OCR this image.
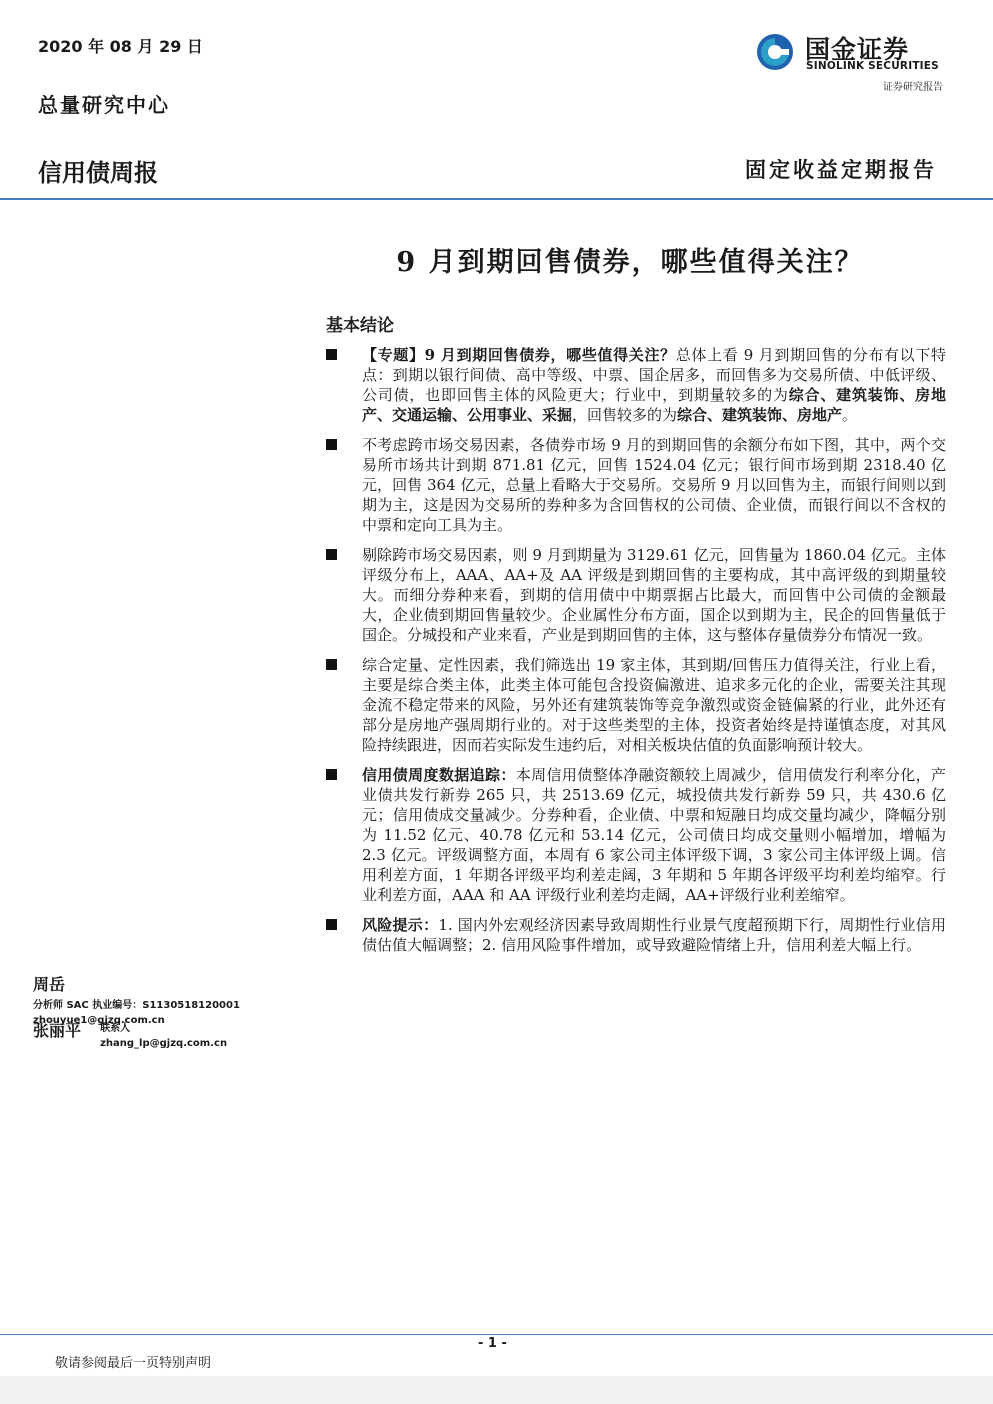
2020 年 08 月 29 日
总量研究中心
信用债周报	固定收益定期报告
国金证券
SINOLINK SECURITIES
证券研究报告
9 月到期回售债券，哪些值得关注？
基本结论
【专题】9 月到期回售债券，哪些值得关注？总体上看 9 月到期回售的分布有以下特点：到期以银行间债、高中等级、中票、国企居多，而回售多为交易所债、中低评级、公司债，也即回售主体的风险更大；行业中，到期量较多的为综合、建筑装饰、房地产、交通运输、公用事业、采掘，回售较多的为综合、建筑装饰、房地产。
不考虑跨市场交易因素，各债券市场 9 月的到期回售的余额分布如下图，其中，两个交易所市场共计到期 871.81 亿元，回售 1524.04 亿元；银行间市场到期 2318.40 亿元，回售 364 亿元，总量上看略大于交易所。交易所 9 月以回售为主，而银行间则以到期为主，这是因为交易所的券种多为含回售权的公司债、企业债，而银行间以不含权的中票和定向工具为主。
剔除跨市场交易因素，则 9 月到期量为 3129.61 亿元，回售量为 1860.04 亿元。主体评级分布上，AAA、AA+及 AA 评级是到期回售的主要构成，其中高评级的到期量较大。而细分券种来看，到期的信用债中中期票据占比最大，而回售中公司债的金额最大，企业债到期回售量较少。企业属性分布方面，国企以到期为主，民企的回售量低于国企。分城投和产业来看，产业是到期回售的主体，这与整体存量债券分布情况一致。
综合定量、定性因素，我们筛选出 19 家主体，其到期/回售压力值得关注，行业上看，主要是综合类主体，此类主体可能包含投资偏激进、追求多元化的企业，需要关注其现金流不稳定带来的风险，另外还有建筑装饰等竞争激烈或资金链偏紧的行业，此外还有部分是房地产强周期行业的。对于这些类型的主体，投资者始终是持谨慎态度，对其风险持续跟进，因而若实际发生违约后，对相关板块估值的负面影响预计较大。
信用债周度数据追踪：本周信用债整体净融资额较上周减少，信用债发行利率分化，产业债共发行新券 265 只，共 2513.69 亿元，城投债共发行新券 59 只，共 430.6 亿元；信用债成交量减少。分券种看，企业债、中票和短融日均成交量均减少，降幅分别为 11.52 亿元、40.78 亿元和 53.14 亿元，公司债日均成交量则小幅增加，增幅为 2.3 亿元。评级调整方面，本周有 6 家公司主体评级下调，3 家公司主体评级上调。信用利差方面，1 年期各评级平均利差走阔，3 年期和 5 年期各评级平均利差均缩窄。行业利差方面，AAA 和 AA 评级行业利差均走阔，AA+评级行业利差缩窄。
风险提示：1. 国内外宏观经济因素导致周期性行业景气度超预期下行，周期性行业信用债估值大幅调整；2. 信用风险事件增加，或导致避险情绪上升，信用利差大幅上行。
周岳 分析师 SAC 执业编号：S1130518120001
zhouyue1@gjzq.com.cn
张丽平 联系人
zhang_lp@gjzq.com.cn
- 1 -
敬请参阅最后一页特别声明
